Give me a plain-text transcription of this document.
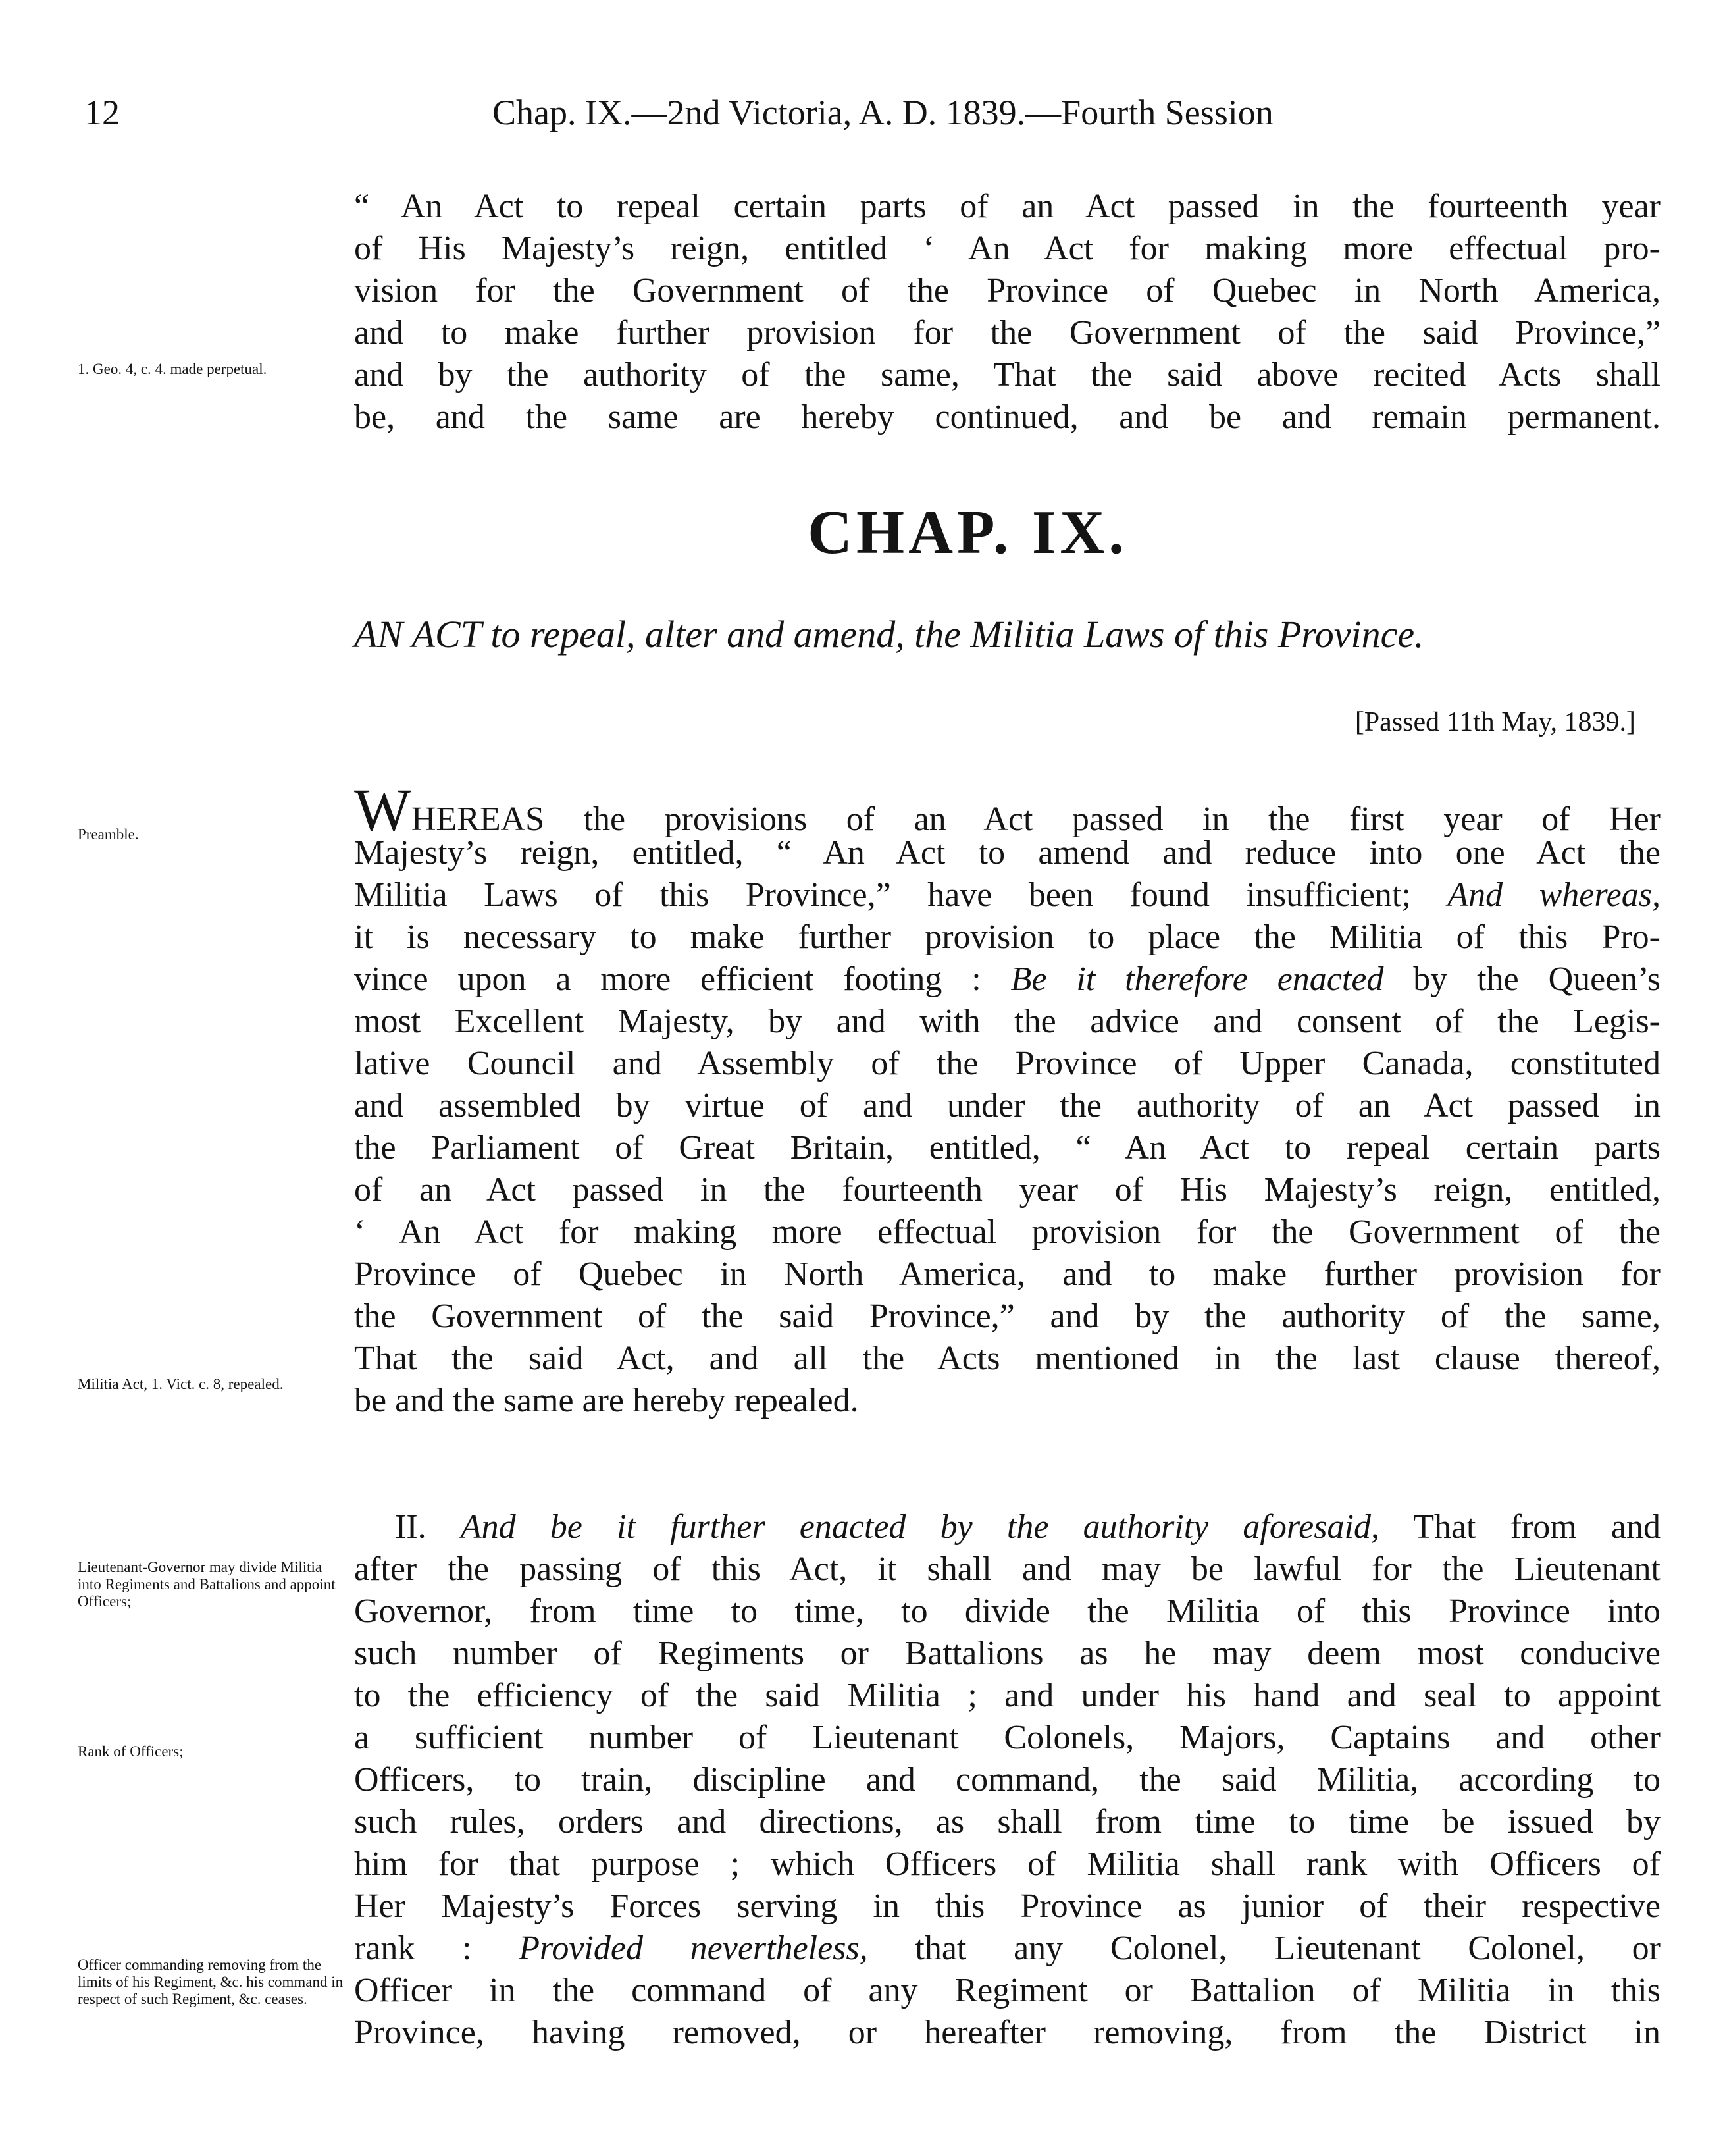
12	Chap. IX.—2nd Victoria, A. D. 1839.—Fourth Session
1. Geo. 4, c. 4. made perpetual.
“ An Act to repeal certain parts of an Act passed in the fourteenth year
of His Majesty’s reign, entitled ‘ An Act for making more effectual pro-
vision for the Government of the Province of Quebec in North America,
and to make further provision for the Government of the said Province,”
and by the authority of the same, That the said above recited Acts shall
be, and the same are hereby continued, and be and remain permanent.
CHAP. IX.
AN ACT to repeal, alter and amend, the Militia Laws of this Province.
[Passed 11th May, 1839.]
Preamble.
Militia Act, 1. Vict. c. 8, repealed.
WHEREAS the provisions of an Act passed in the first year of Her
Majesty’s reign, entitled, “ An Act to amend and reduce into one Act the
Militia Laws of this Province,” have been found insufficient; And whereas,
it is necessary to make further provision to place the Militia of this Pro-
vince upon a more efficient footing : Be it therefore enacted by the Queen’s
most Excellent Majesty, by and with the advice and consent of the Legis-
lative Council and Assembly of the Province of Upper Canada, constituted
and assembled by virtue of and under the authority of an Act passed in
the Parliament of Great Britain, entitled, “ An Act to repeal certain parts
of an Act passed in the fourteenth year of His Majesty’s reign, entitled,
‘ An Act for making more effectual provision for the Government of the
Province of Quebec in North America, and to make further provision for
the Government of the said Province,” and by the authority of the same,
That the said Act, and all the Acts mentioned in the last clause thereof,
be and the same are hereby repealed.
Lieutenant-Governor may divide Militia into Regiments and Battalions and appoint Officers;
Rank of Officers;
Officer commanding removing from the limits of his Regiment, &c. his command in respect of such Regiment, &c. ceases.
II. And be it further enacted by the authority aforesaid, That from and
after the passing of this Act, it shall and may be lawful for the Lieutenant
Governor, from time to time, to divide the Militia of this Province into
such number of Regiments or Battalions as he may deem most conducive
to the efficiency of the said Militia ; and under his hand and seal to appoint
a sufficient number of Lieutenant Colonels, Majors, Captains and other
Officers, to train, discipline and command, the said Militia, according to
such rules, orders and directions, as shall from time to time be issued by
him for that purpose ; which Officers of Militia shall rank with Officers of
Her Majesty’s Forces serving in this Province as junior of their respective
rank : Provided nevertheless, that any Colonel, Lieutenant Colonel, or
Officer in the command of any Regiment or Battalion of Militia in this
Province, having removed, or hereafter removing, from the District in
